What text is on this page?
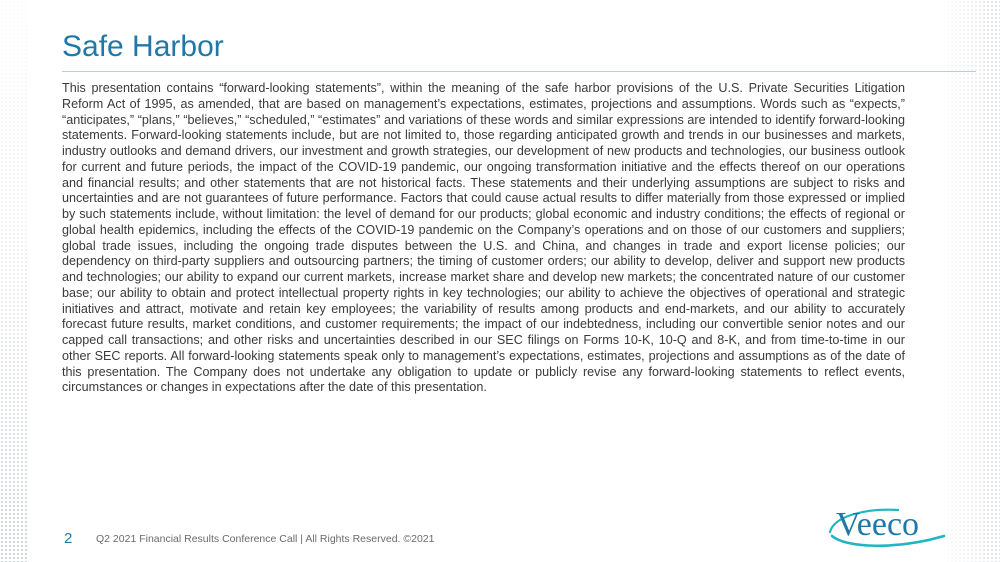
Safe Harbor

This presentation contains “forward-looking statements”, within the meaning of the safe harbor provisions of the U.S. Private Securities Litigation Reform Act of 1995, as amended, that are based on management’s expectations, estimates, projections and assumptions. Words such as “expects,” “anticipates,” “plans,” “believes,” “scheduled,” “estimates” and variations of these words and similar expressions are intended to identify forward-looking statements. Forward-looking statements include, but are not limited to, those regarding anticipated growth and trends in our businesses and markets, industry outlooks and demand drivers, our investment and growth strategies, our development of new products and technologies, our business outlook for current and future periods, the impact of the COVID-19 pandemic, our ongoing transformation initiative and the effects thereof on our operations and financial results; and other statements that are not historical facts. These statements and their underlying assumptions are subject to risks and uncertainties and are not guarantees of future performance. Factors that could cause actual results to differ materially from those expressed or implied by such statements include, without limitation: the level of demand for our products; global economic and industry conditions; the effects of regional or global health epidemics, including the effects of the COVID-19 pandemic on the Company’s operations and on those of our customers and suppliers; global trade issues, including the ongoing trade disputes between the U.S. and China, and changes in trade and export license policies; our dependency on third-party suppliers and outsourcing partners; the timing of customer orders; our ability to develop, deliver and support new products and technologies; our ability to expand our current markets, increase market share and develop new markets; the concentrated nature of our customer base; our ability to obtain and protect intellectual property rights in key technologies; our ability to achieve the objectives of operational and strategic initiatives and attract, motivate and retain key employees; the variability of results among products and end-markets, and our ability to accurately forecast future results, market conditions, and customer requirements; the impact of our indebtedness, including our convertible senior notes and our capped call transactions; and other risks and uncertainties described in our SEC filings on Forms 10-K, 10-Q and 8-K, and from time-to-time in our other SEC reports. All forward-looking statements speak only to management’s expectations, estimates, projections and assumptions as of the date of this presentation. The Company does not undertake any obligation to update or publicly revise any forward-looking statements to reflect events, circumstances or changes in expectations after the date of this presentation.

2 Q2 2021 Financial Results Conference Call | All Rights Reserved. ©2021	Veeco
